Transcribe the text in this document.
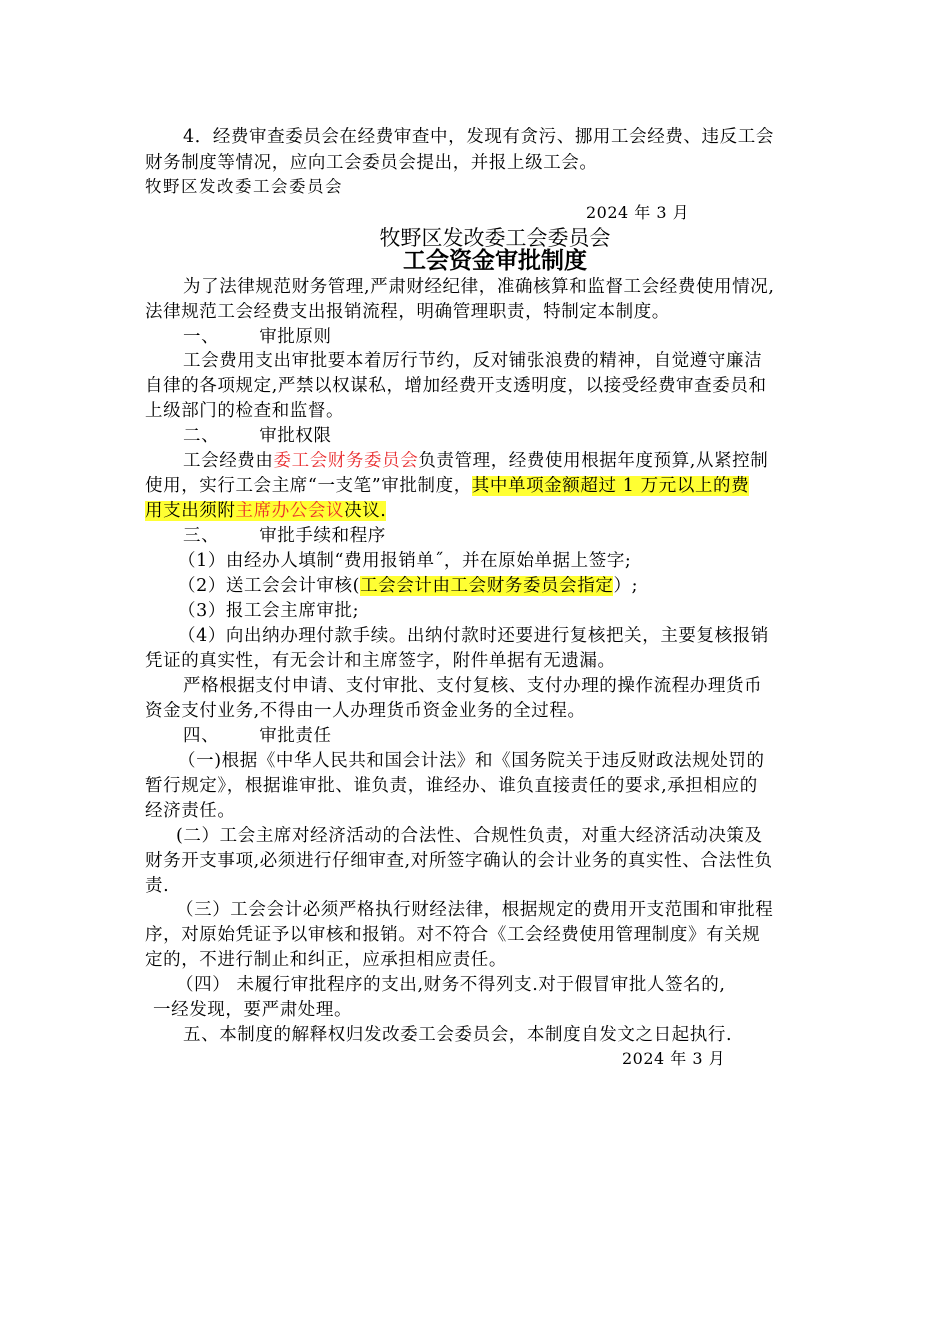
4．经费审查委员会在经费审查中，发现有贪污、挪用工会经费、违反工会
财务制度等情况，应向工会委员会提出，并报上级工会。
牧野区发改委工会委员会
2024 年 3 月
牧野区发改委工会委员会
工会资金审批制度
为了法律规范财务管理,严肃财经纪律，准确核算和监督工会经费使用情况,
法律规范工会经费支出报销流程，明确管理职责，特制定本制度。
一、 审批原则
工会费用支出审批要本着厉行节约，反对铺张浪费的精神，自觉遵守廉洁
自律的各项规定,严禁以权谋私，增加经费开支透明度，以接受经费审查委员和
上级部门的检查和监督。
二、 审批权限
工会经费由委工会财务委员会负责管理，经费使用根据年度预算,从紧控制
使用，实行工会主席“一支笔”审批制度，其中单项金额超过 1 万元以上的费
用支出须附主席办公会议决议.
三、 审批手续和程序
（1）由经办人填制“费用报销单˝，并在原始单据上签字;
（2）送工会会计审核(工会会计由工会财务委员会指定）;
（3）报工会主席审批;
（4）向出纳办理付款手续。出纳付款时还要进行复核把关，主要复核报销
凭证的真实性，有无会计和主席签字，附件单据有无遗漏。
严格根据支付申请、支付审批、支付复核、支付办理的操作流程办理货币
资金支付业务,不得由一人办理货币资金业务的全过程。
四、 审批责任
（一)根据《中华人民共和国会计法》和《国务院关于违反财政法规处罚的
暂行规定》，根据谁审批、谁负责，谁经办、谁负直接责任的要求,承担相应的
经济责任。
(二）工会主席对经济活动的合法性、合规性负责，对重大经济活动决策及
财务开支事项,必须进行仔细审查,对所签字确认的会计业务的真实性、合法性负
责.
（三）工会会计必须严格执行财经法律，根据规定的费用开支范围和审批程
序，对原始凭证予以审核和报销。对不符合《工会经费使用管理制度》有关规
定的，不进行制止和纠正，应承担相应责任。
（四） 未履行审批程序的支出,财务不得列支.对于假冒审批人签名的,
一经发现，要严肃处理。
五、本制度的解释权归发改委工会委员会，本制度自发文之日起执行.
2024 年 3 月
